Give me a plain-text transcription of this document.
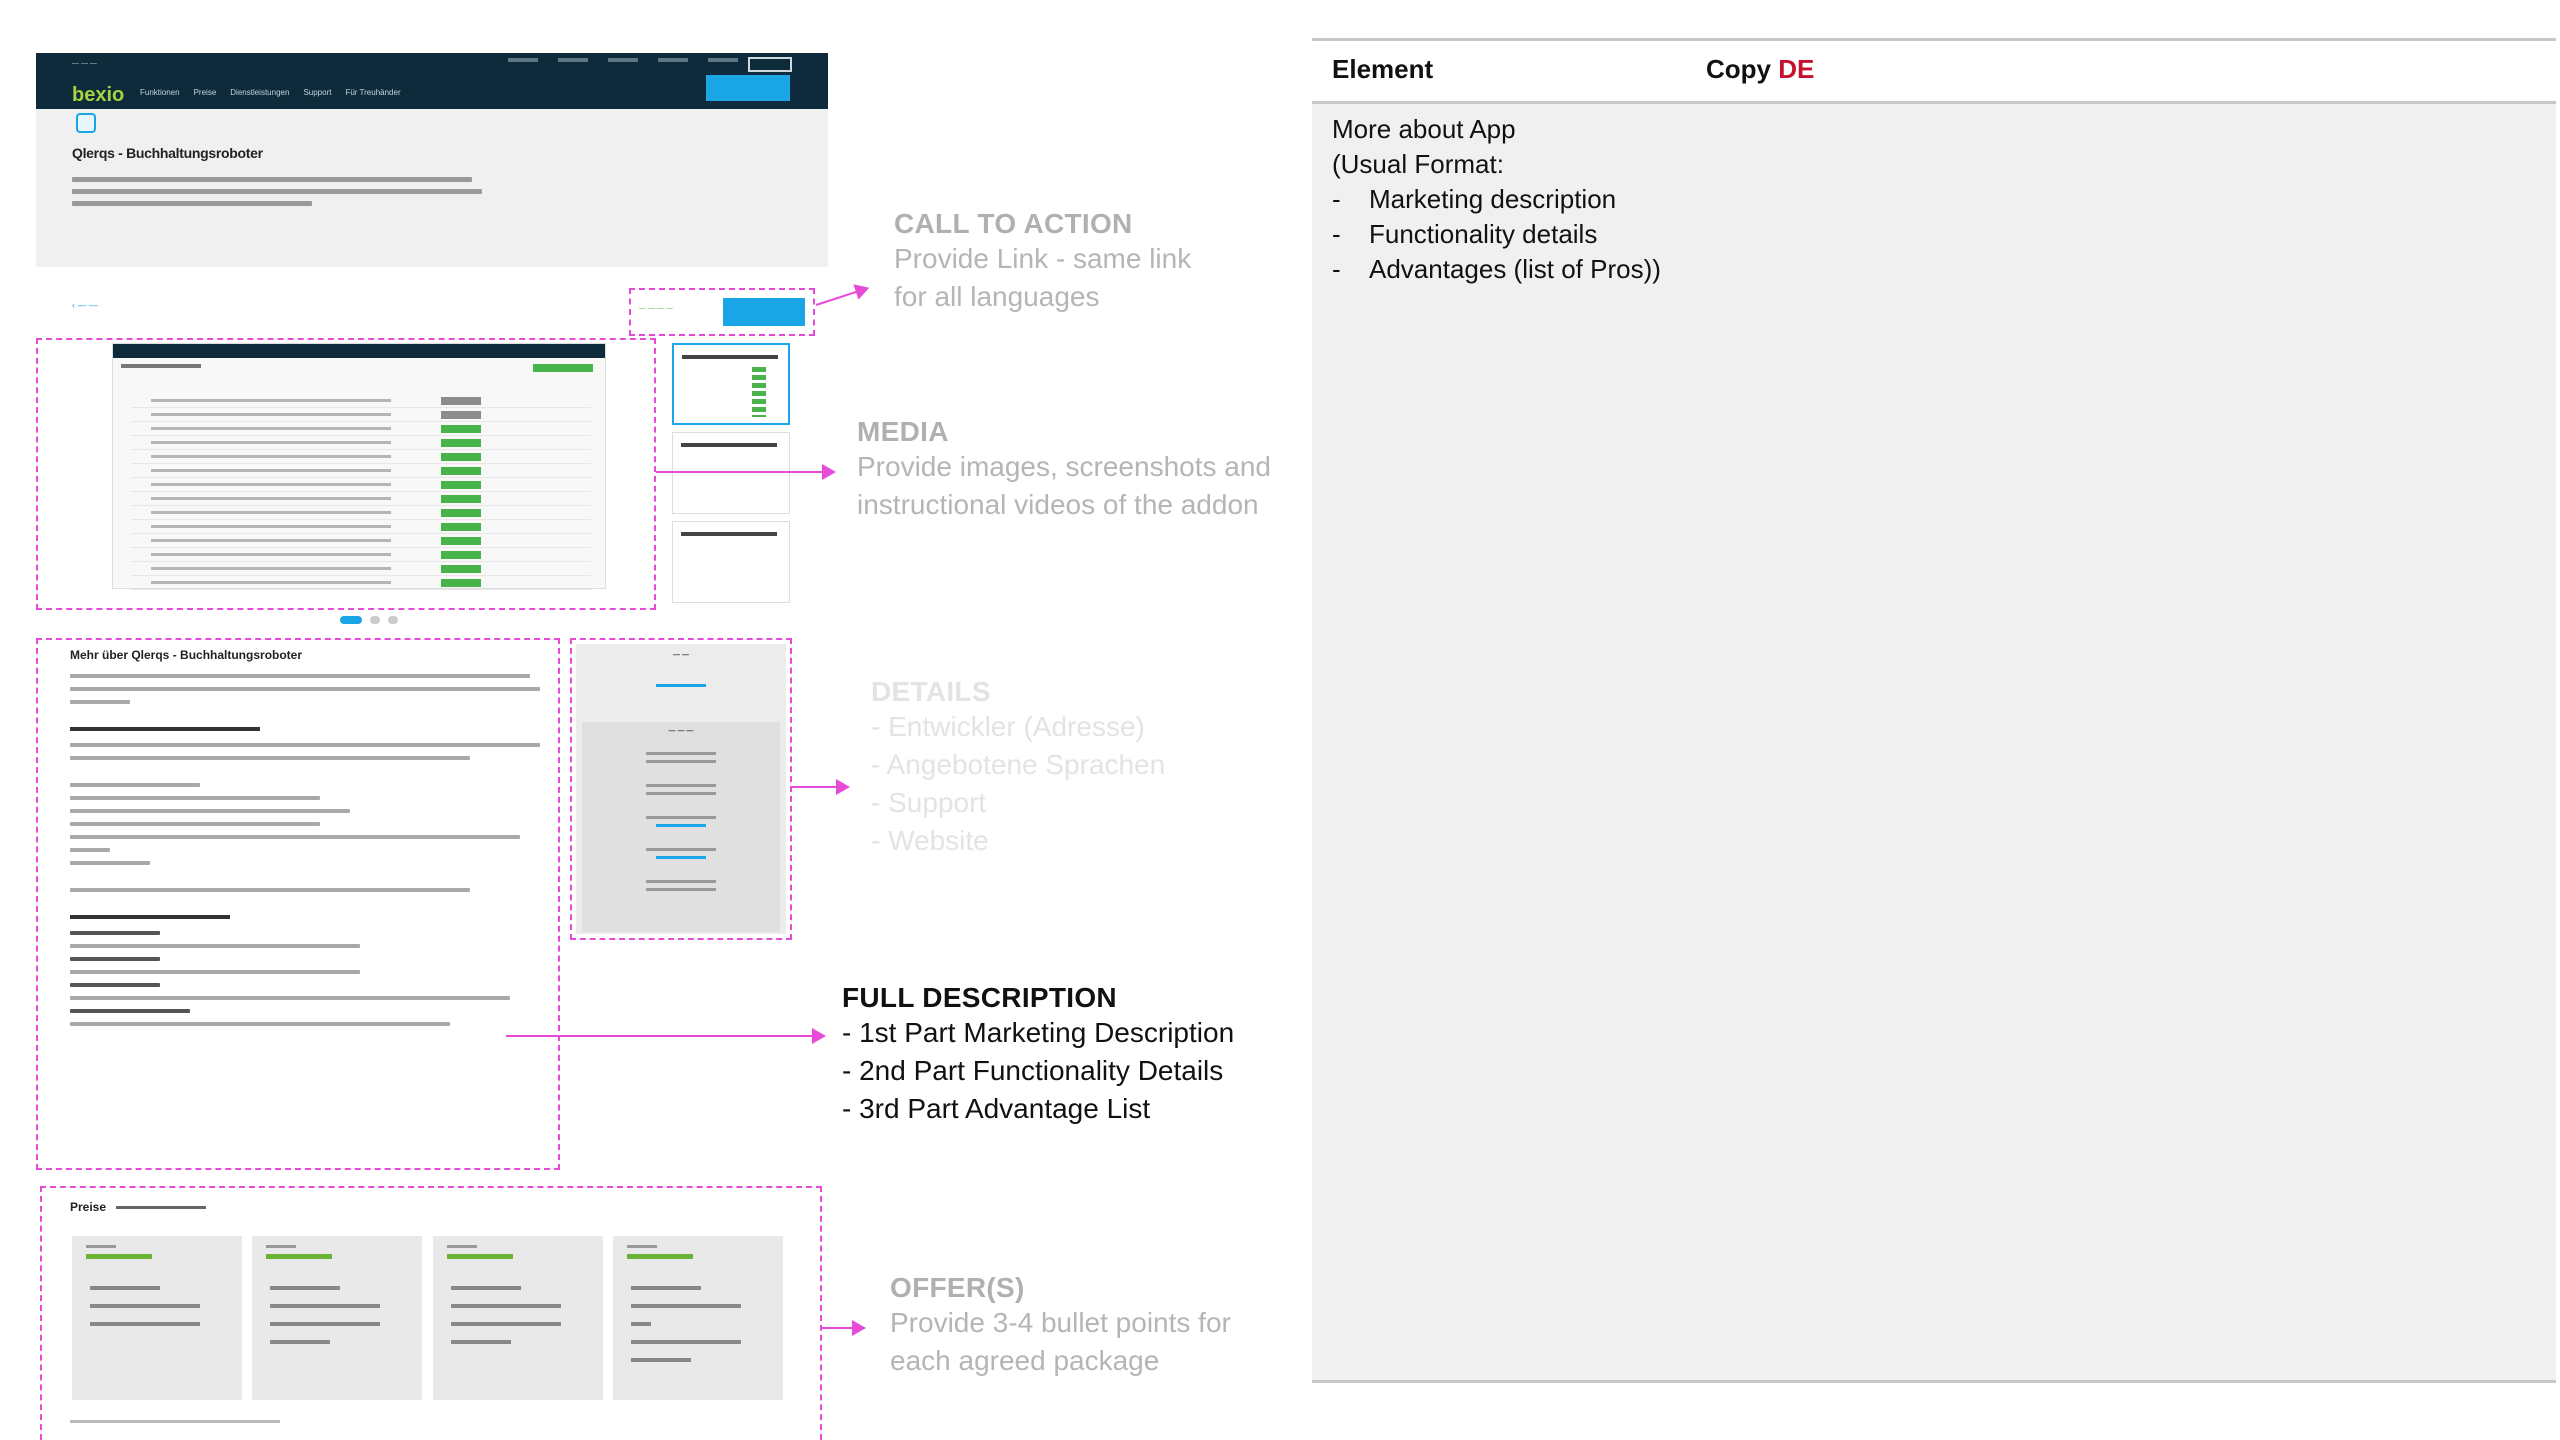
— — —
bexio Funktionen Preise Dienstleistungen Support Für Treuhänder
Qlerqs - Buchhaltungsroboter
‹ — —	— — — —
Mehr über Qlerqs - Buchhaltungsroboter	— —
— — —
Preise
CALL TO ACTION
Provide Link - same link
for all languages
MEDIA
Provide images, screenshots and
instructional videos of the addon
DETAILS
- Entwickler (Adresse)
- Angebotene Sprachen
- Support
- Website
FULL DESCRIPTION
- 1st Part Marketing Description
- 2nd Part Functionality Details
- 3rd Part Advantage List
OFFER(S)
Provide 3-4 bullet points for
each agreed package
Element	Copy DE
More about App
(Usual Format:
- Marketing description
- Functionality details
- Advantages (list of Pros))
